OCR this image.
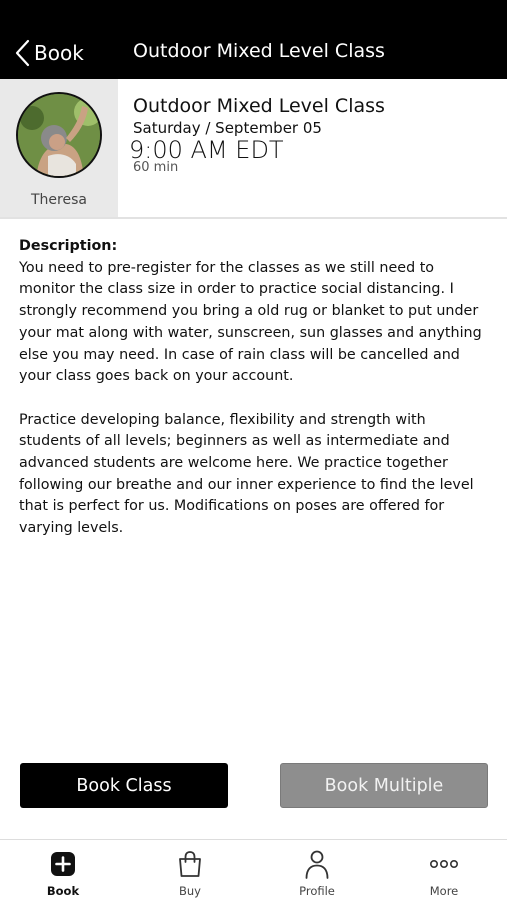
Book	Outdoor Mixed Level Class
Theresa
Outdoor Mixed Level Class
Saturday / September 05
9:00 AM EDT
60 min
Description:

You need to pre-register for the classes as we still need to monitor the class size in order to practice social distancing. I strongly recommend you bring a old rug or blanket to put under your mat along with water, sunscreen, sun glasses and anything else you may need. In case of rain class will be cancelled and your class goes back on your account.

Practice developing balance, flexibility and strength with students of all levels; beginners as well as intermediate and advanced students are welcome here. We practice together following our breathe and our inner experience to find the level that is perfect for us. Modifications on poses are offered for varying levels.

Book Class	Book Multiple
Book	Buy	Profile	More
